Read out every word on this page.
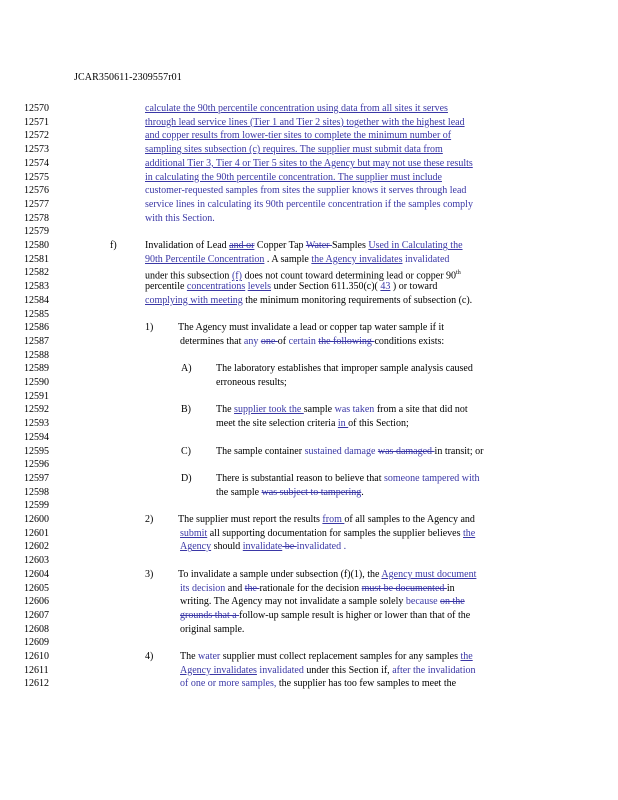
JCAR350611-2309557r01
12570	calculate the 90th percentile concentration using data from all sites it serves
12571	through lead service lines (Tier 1 and Tier 2 sites) together with the highest lead
12572	and copper results from lower-tier sites to complete the minimum number of
12573	sampling sites subsection (c) requires. The supplier must submit data from
12574	additional Tier 3, Tier 4 or Tier 5 sites to the Agency but may not use these results
12575	in calculating the 90th percentile concentration. The supplier must include
12576	customer-requested samples from sites the supplier knows it serves through lead
12577	service lines in calculating its 90th percentile concentration if the samples comply
12578	with this Section.
12579
12580	f)	Invalidation of Lead and or Copper Tap Water Samples Used in Calculating the
12581	90th Percentile Concentration . A sample the Agency invalidates invalidated
12582	under this subsection (f) does not count toward determining lead or copper 90th
12583	percentile concentrations levels under Section 611.350(c)( 43 ) or toward
12584	complying with meeting the minimum monitoring requirements of subsection (c).
12585
12586	1) The Agency must invalidate a lead or copper tap water sample if it
12587	determines that any one of certain the following conditions exists:
12588
12589	A) The laboratory establishes that improper sample analysis caused
12590	erroneous results;
12591
12592	B)	The supplier took the sample was taken from a site that did not
12593	meet the site selection criteria in of this Section;
12594
12595	C)	The sample container sustained damage was damaged in transit; or
12596
12597	D) There is substantial reason to believe that someone tampered with
12598	the sample was subject to tampering.
12599
12600	2) The supplier must report the results from of all samples to the Agency and
12601	submit all supporting documentation for samples the supplier believes the
12602	Agency should invalidate be invalidated .
12603
12604	3) To invalidate a sample under subsection (f)(1), the Agency must document
12605	its decision and the rationale for the decision must be documented in
12606	writing. The Agency may not invalidate a sample solely because on the
12607	grounds that a follow-up sample result is higher or lower than that of the
12608	original sample.
12609
12610	4)	The water supplier must collect replacement samples for any samples the
12611	Agency invalidates invalidated under this Section if, after the invalidation
12612	of one or more samples, the supplier has too few samples to meet the
